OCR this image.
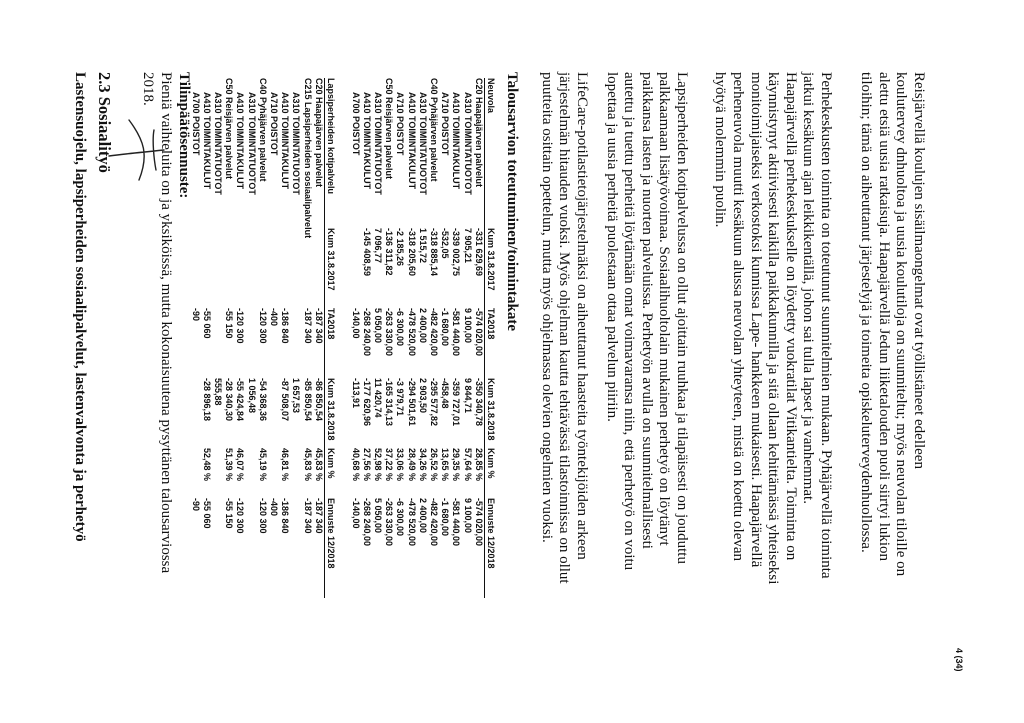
4 (34)
Reisjärvellä koulujen sisäilmaongelmat ovat työllistäneet edelleen
koulutervey dnhuoltoa ja uusia koulutiloja on suunniteltu; myös neuvolan tiloille on
alettu etsiä uusia ratkaisuja. Haapajärvellä Jedun liiketalouden puoli siirtyi lukion
tiloihin; tämä on aiheuttanut järjestelyjä ja toimeita opiskeluterveydenhuollossa.
Perhekeskusten toiminta on toteutunut suunnitelmien mukaan. Pyhäjärvellä toiminta
jatkui kesäkuun ajan leikkikentällä, johon sai tulla lapset ja vanhemmat.
Haapajärvellä perhekeskukselle on löydetty vuokratilat Vitikantielta. Toiminta on
käynnistynyt aktiivisesti kaikilla paikkakunnilla ja sitä ollaan kehittämässä yhteiseksi
monitoimijaiseksi verkostoksi kunnissa Lape- hankkeen mukaisesti. Haapajärvellä
perheneuvola muutti kesäkuun alussa neuvolan yhteyteen, mistä on koettu olevan
hyötyä molemmin puolin.
Lapsiperheiden kotipalvelussa on ollut ajoittain ruuhkaa ja tilapäisesti on jouduttu
palkkaamaan lisätyövoimaa. Sosiaalihuoltolain mukainen perhetyö on löytänyt
paikkansa lasten ja nuorten palveluissa. Perhetyön avulla on suunnitelmallisesti
autettu ja tuettu perheitä löytämään omat voimavaransa niin, että perhetyö on voitu
lopettaa ja uusia perheitä puolestaan ottaa palvelun piiriin.
LifeCare-potilastietojärjestelmäksi on aiheuttanut haasteita työntekijöiden arkeen
järjestelmän hitauden vuoksi. Myös ohjelman kautta tehtävässä tilastoinnissa on ollut
puutteita osittain opettelun, mutta myös ohjelmassa olevien ongelmien vuoksi.
Talousarvion toteutuminen/toimintakate
Neuvola
Kum 31.8.2017
TA2018
Kum 31.8.2018
Kum %
Ennuste 12/2018
C20 Haapajärven palvelut
-331 629,69
-574 020,00
-350 340,78
28,85 %
-574 020,00
A310 TOIMINTATUOTOT
7 905,21
9 100,00
9 844,71
57,64 %
9 100,00
A410 TOIMINTAKULUT
-339 002,75
-581 440,00
-359 727,01
29,35 %
-581 440,00
A710 POISTOT
-532,05
-1 680,00
-458,48
13,65 %
-1 680,00
C40 Pyhäjärven palvelut
-318 885,14
-482 420,00
-295 577,82
26,52 %
-482 420,00
A310 TOIMINTATUOTOT
1 515,72
2 400,00
2 903,50
34,26 %
2 400,00
A410 TOIMINTAKULUT
-318 205,60
-478 520,00
-294 501,61
28,49 %
-478 520,00
A710 POISTOT
-2 185,26
-6 300,00
-3 979,71
33,06 %
-6 300,00
C50 Reisjärven palvelut
-136 311,82
-263 330,00
-165 314,13
37,22 %
-263 330,00
A310 TOIMINTATUOTOT
7 096,77
5 050,00
11 420,74
52,98 %
5 050,00
A410 TOIMINTAKULUT
-145 408,59
-268 240,00
-177 620,96
27,56 %
-268 240,00
A700 POISTOT
-140,00
-113,91
40,68 %
-140,00
Lapsiperheiden kotipalvelu
Kum 31.8.2017
TA2018
Kum 31.8.2018
Kum %
Ennuste 12/2018
C20 Haapajärven palvelut
-187 340
-86 850,54
45,83 %
-187 340
C215 Lapsiperheiden sosiaalipalvelut
-187 340
-85 850,54
45,83 %
-187 340
A310 TOIMINTATUOTOT
1 657,53
A410 TOIMINTAKULUT
-186 840
-87 508,07
46,81 %
-186 840
A710 POISTOT
-400
-400
C40 Pyhäjärven palvelut
-120 300
-54 368,36
45,19 %
-120 300
A310 TOIMINTATUOTOT
1 056,48
A410 TOIMINTAKULUT
-120 300
-55 424,84
46,07 %
-120 300
C50 Reisjärven palvelut
-55 150
-28 340,30
51,39 %
-55 150
A310 TOIMINTATUOTOT
555,88
A410 TOIMINTAKULUT
-55 060
-28 896,18
52,48 %
-55 060
A700 POISTOT
-90
-90
Tilinpäätösennuste:
Pieniä vaihteluita on ja yksiköissä, mutta kokonaisuutena pysyttänen talousarviossa
2018.
2.3 Sosiaalityö
Lastensuojelu, lapsiperheiden sosiaalipalvelut, lastenvalvonta ja perhetyö
